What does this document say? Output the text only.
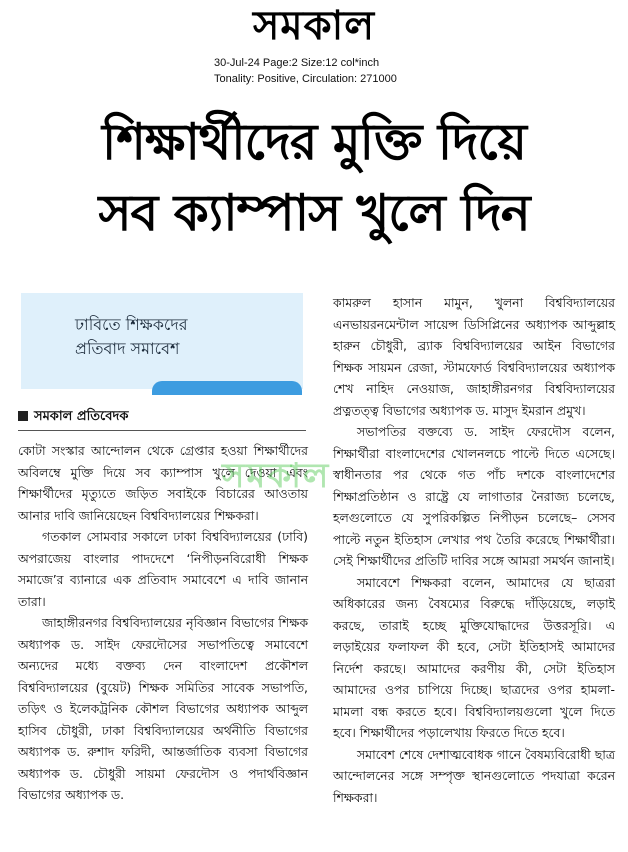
সমকাল
30-Jul-24 Page:2 Size:12 col*inch
Tonality: Positive, Circulation: 271000
শিক্ষার্থীদের মুক্তি দিয়ে
সব ক্যাম্পাস খুলে দিন
ঢাবিতে শিক্ষকদের
প্রতিবাদ সমাবেশ
সমকাল প্রতিবেদক

কোটা সংস্কার আন্দোলন থেকে গ্রেপ্তার হওয়া শিক্ষার্থীদের অবিলম্বে মুক্তি দিয়ে সব ক্যাম্পাস খুলে দেওয়া এবং শিক্ষার্থীদের মৃত্যুতে জড়িত সবাইকে বিচারের আওতায় আনার দাবি জানিয়েছেন বিশ্ববিদ্যালয়ের শিক্ষকরা।

গতকাল সোমবার সকালে ঢাকা বিশ্ববিদ্যালয়ের (ঢাবি) অপরাজেয় বাংলার পাদদেশে ‘নিপীড়নবিরোধী শিক্ষক সমাজে’র ব্যানারে এক প্রতিবাদ সমাবেশে এ দাবি জানান তারা।

জাহাঙ্গীরনগর বিশ্ববিদ্যালয়ের নৃবিজ্ঞান বিভাগের শিক্ষক অধ্যাপক ড. সাইদ ফেরদৌসের সভাপতিত্বে সমাবেশে অন্যদের মধ্যে বক্তব্য দেন বাংলাদেশ প্রকৌশল বিশ্ববিদ্যালয়ের (বুয়েট) শিক্ষক সমিতির সাবেক সভাপতি, তড়িৎ ও ইলেকট্রনিক কৌশল বিভাগের অধ্যাপক আব্দুল হাসিব চৌধুরী, ঢাকা বিশ্ববিদ্যালয়ের অর্থনীতি বিভাগের অধ্যাপক ড. রুশাদ ফরিদী, আন্তর্জাতিক ব্যবসা বিভাগের অধ্যাপক ড. চৌধুরী সায়মা ফেরদৌস ও পদার্থবিজ্ঞান বিভাগের অধ্যাপক ড.

কামরুল হাসান মামুন, খুলনা বিশ্ববিদ্যালয়ের এনভায়রনমেন্টাল সায়েন্স ডিসিপ্লিনের অধ্যাপক আব্দুল্লাহ হারুন চৌধুরী, ব্র্যাক বিশ্ববিদ্যালয়ের আইন বিভাগের শিক্ষক সায়মন রেজা, স্টামফোর্ড বিশ্ববিদ্যালয়ের অধ্যাপক শেখ নাহিদ নেওয়াজ, জাহাঙ্গীরনগর বিশ্ববিদ্যালয়ের প্রত্নতত্ত্ব বিভাগের অধ্যাপক ড. মাসুদ ইমরান প্রমুখ।

সভাপতির বক্তব্যে ড. সাইদ ফেরদৌস বলেন, শিক্ষার্থীরা বাংলাদেশের খোলনলচে পাল্টে দিতে এসেছে। স্বাধীনতার পর থেকে গত পাঁচ দশকে বাংলাদেশের শিক্ষাপ্রতিষ্ঠান ও রাষ্ট্রে যে লাগাতার নৈরাজ্য চলেছে, হলগুলোতে যে সুপরিকল্পিত নিপীড়ন চলেছে– সেসব পাল্টে নতুন ইতিহাস লেখার পথ তৈরি করেছে শিক্ষার্থীরা। সেই শিক্ষার্থীদের প্রতিটি দাবির সঙ্গে আমরা সমর্থন জানাই।

সমাবেশে শিক্ষকরা বলেন, আমাদের যে ছাত্ররা অধিকারের জন্য বৈষম্যের বিরুদ্ধে দাঁড়িয়েছে, লড়াই করছে, তারাই হচ্ছে মুক্তিযোদ্ধাদের উত্তরসূরি। এ লড়াইয়ের ফলাফল কী হবে, সেটা ইতিহাসই আমাদের নির্দেশ করছে। আমাদের করণীয় কী, সেটা ইতিহাস আমাদের ওপর চাপিয়ে দিচ্ছে। ছাত্রদের ওপর হামলা-মামলা বন্ধ করতে হবে। বিশ্ববিদ্যালয়গুলো খুলে দিতে হবে। শিক্ষার্থীদের পড়ালেখায় ফিরতে দিতে হবে।

সমাবেশ শেষে দেশাত্মবোধক গানে বৈষম্যবিরোধী ছাত্র আন্দোলনের সঙ্গে সম্পৃক্ত স্থানগুলোতে পদযাত্রা করেন শিক্ষকরা।

সমকাল
